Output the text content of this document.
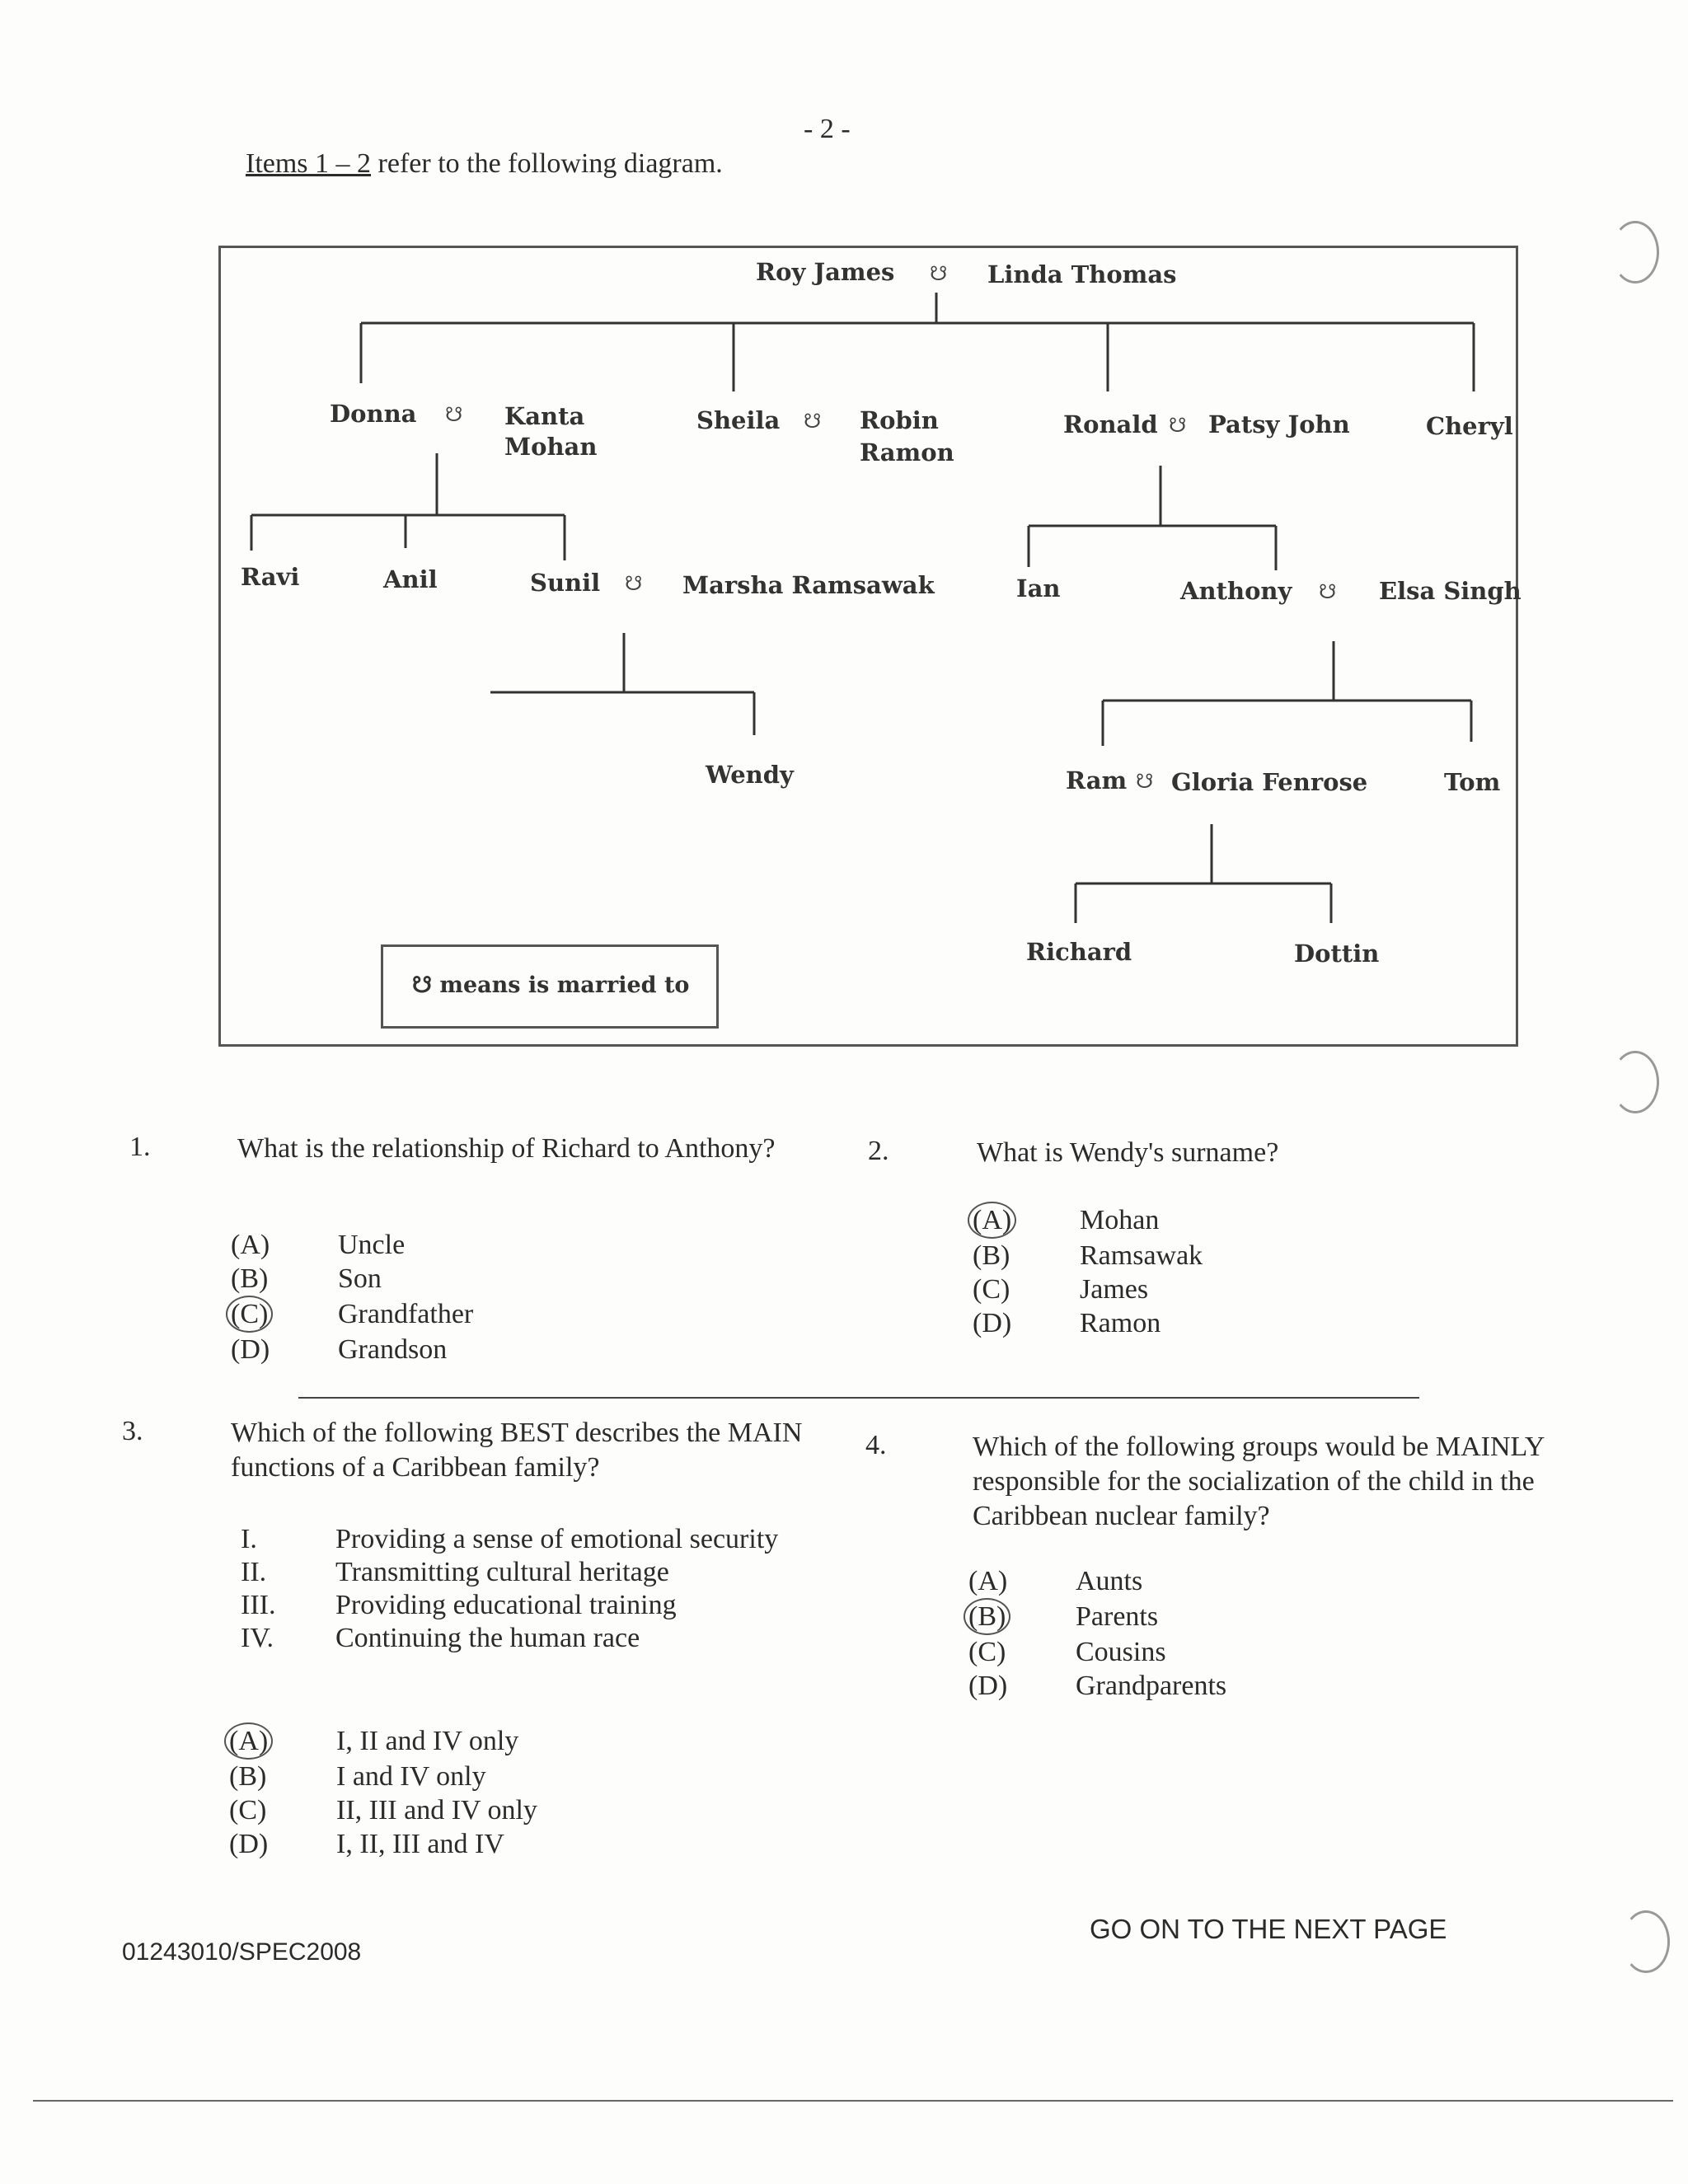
- 2 -
Items 1 – 2 refer to the following diagram.
Roy James ☋ Linda Thomas
Donna ☋ Kanta
Mohan
Sheila ☋ Robin
Ramon
Ronald ☋ Patsy John	Cheryl
Ravi	Anil	Sunil ☋ Marsha Ramsawak	Ian	Anthony ☋ Elsa Singh
Wendy	Ram ☋ Gloria Fenrose	Tom
Richard	Dottin
☋ means is married to
1.	What is the relationship of Richard to Anthony?
(A) Uncle
(B) Son
(C) Grandfather
(D) Grandson
2.	What is Wendy's surname?
(A) Mohan
(B) Ramsawak
(C) James
(D) Ramon
3.	Which of the following BEST describes the MAIN functions of a Caribbean family?
I.	Providing a sense of emotional security
II. Transmitting cultural heritage
III. Providing educational training
IV. Continuing the human race
(A) I, II and IV only
(B) I and IV only
(C) II, III and IV only
(D) I, II, III and IV
4.	Which of the following groups would be MAINLY responsible for the socialization of the child in the Caribbean nuclear family?
(A) Aunts
(B) Parents
(C) Cousins
(D) Grandparents
GO ON TO THE NEXT PAGE
01243010/SPEC2008
